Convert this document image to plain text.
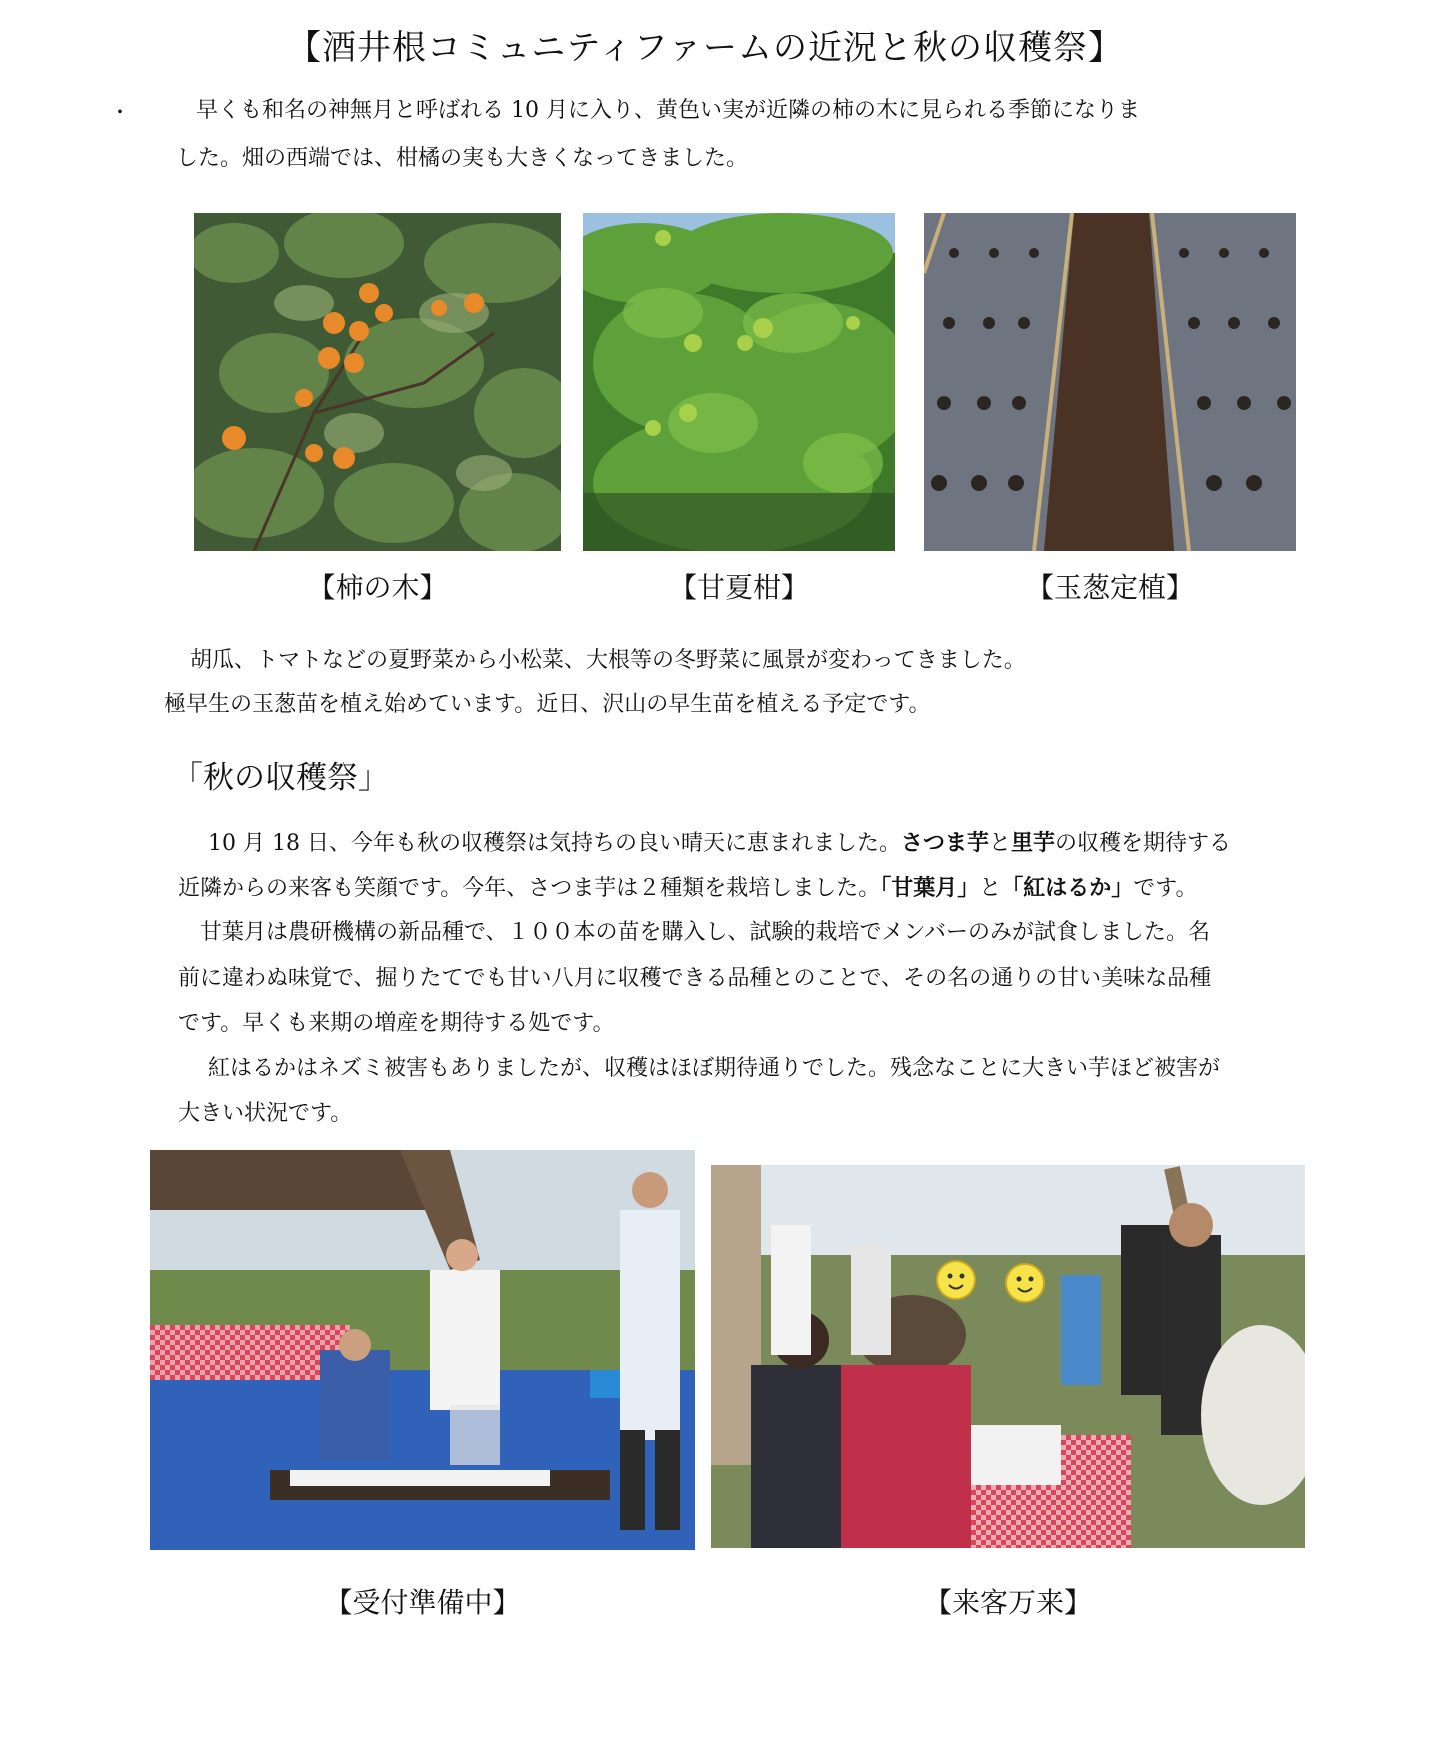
【酒井根コミュニティファームの近況と秋の収穫祭】
・	早くも和名の神無月と呼ばれる 10 月に入り、黄色い実が近隣の柿の木に見られる季節になりま
した。畑の西端では、柑橘の実も大きくなってきました。
【柿の木】	【甘夏柑】	【玉葱定植】
胡瓜、トマトなどの夏野菜から小松菜、大根等の冬野菜に風景が変わってきました。
極早生の玉葱苗を植え始めています。近日、沢山の早生苗を植える予定です。
「秋の収穫祭」
10 月 18 日、今年も秋の収穫祭は気持ちの良い晴天に恵まれました。さつま芋と里芋の収穫を期待する
近隣からの来客も笑顔です。今年、さつま芋は２種類を栽培しました。「甘葉月」と「紅はるか」です。
甘葉月は農研機構の新品種で、１００本の苗を購入し、試験的栽培でメンバーのみが試食しました。名
前に違わぬ味覚で、掘りたてでも甘い八月に収穫できる品種とのことで、その名の通りの甘い美味な品種
です。早くも来期の増産を期待する処です。
紅はるかはネズミ被害もありましたが、収穫はほぼ期待通りでした。残念なことに大きい芋ほど被害が
大きい状況です。
【受付準備中】	【来客万来】
